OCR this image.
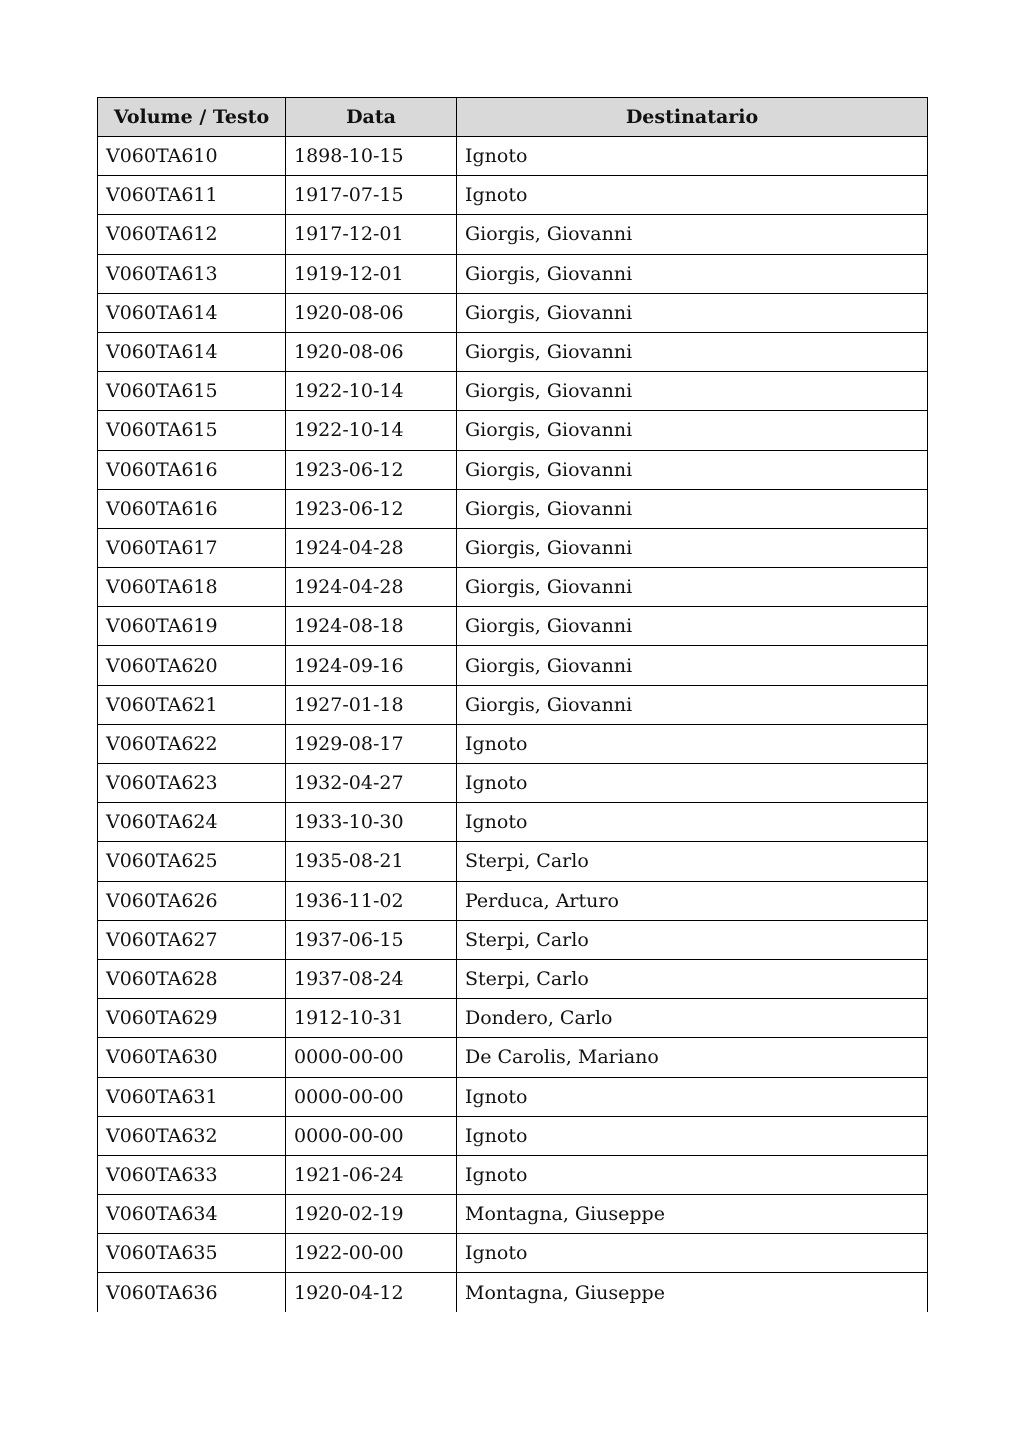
Volume / Testo	Data	Destinatario
V060TA610	1898-10-15	Ignoto
V060TA611	1917-07-15	Ignoto
V060TA612	1917-12-01	Giorgis, Giovanni
V060TA613	1919-12-01	Giorgis, Giovanni
V060TA614	1920-08-06	Giorgis, Giovanni
V060TA614	1920-08-06	Giorgis, Giovanni
V060TA615	1922-10-14	Giorgis, Giovanni
V060TA615	1922-10-14	Giorgis, Giovanni
V060TA616	1923-06-12	Giorgis, Giovanni
V060TA616	1923-06-12	Giorgis, Giovanni
V060TA617	1924-04-28	Giorgis, Giovanni
V060TA618	1924-04-28	Giorgis, Giovanni
V060TA619	1924-08-18	Giorgis, Giovanni
V060TA620	1924-09-16	Giorgis, Giovanni
V060TA621	1927-01-18	Giorgis, Giovanni
V060TA622	1929-08-17	Ignoto
V060TA623	1932-04-27	Ignoto
V060TA624	1933-10-30	Ignoto
V060TA625	1935-08-21	Sterpi, Carlo
V060TA626	1936-11-02	Perduca, Arturo
V060TA627	1937-06-15	Sterpi, Carlo
V060TA628	1937-08-24	Sterpi, Carlo
V060TA629	1912-10-31	Dondero, Carlo
V060TA630	0000-00-00	De Carolis, Mariano
V060TA631	0000-00-00	Ignoto
V060TA632	0000-00-00	Ignoto
V060TA633	1921-06-24	Ignoto
V060TA634	1920-02-19	Montagna, Giuseppe
V060TA635	1922-00-00	Ignoto
V060TA636	1920-04-12	Montagna, Giuseppe
